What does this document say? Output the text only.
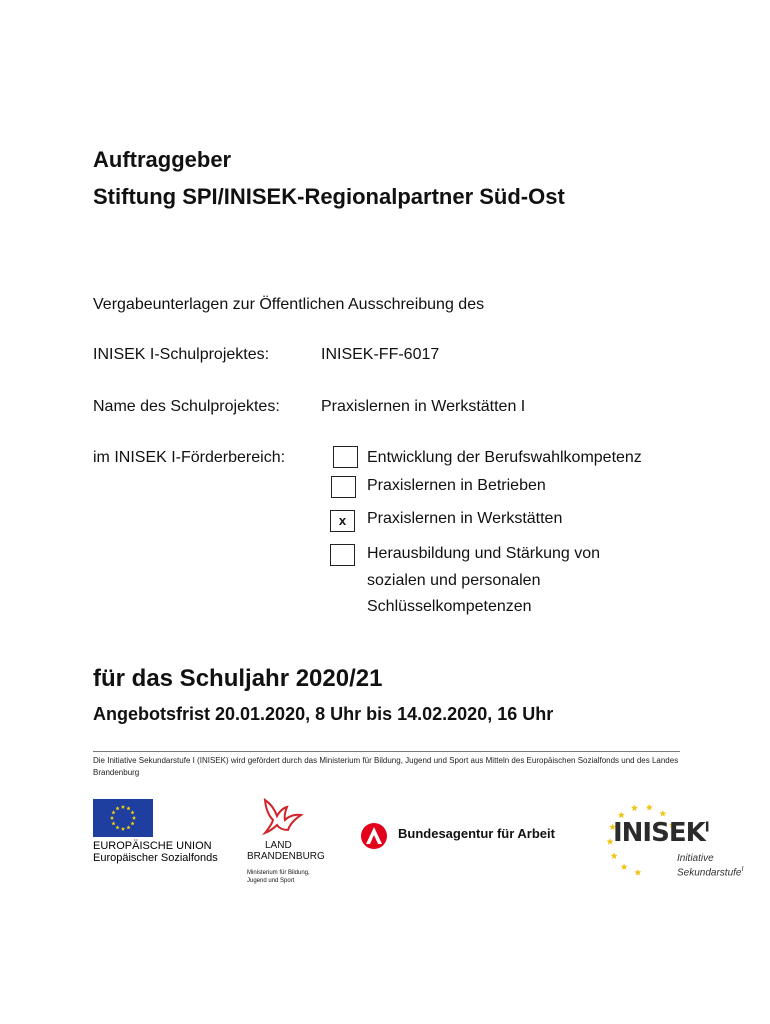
Auftraggeber
Stiftung SPI/INISEK-Regionalpartner Süd-Ost
Vergabeunterlagen zur Öffentlichen Ausschreibung des
INISEK I-Schulprojektes:	INISEK-FF-6017
Name des Schulprojektes:	Praxislernen in Werkstätten I
im INISEK I-Förderbereich:	Entwicklung der Berufswahlkompetenz
Praxislernen in Betrieben
x	Praxislernen in Werkstätten
Herausbildung und Stärkung von
sozialen und personalen
Schlüsselkompetenzen
für das Schuljahr 2020/21
Angebotsfrist 20.01.2020, 8 Uhr bis 14.02.2020, 16 Uhr
Die Initiative Sekundarstufe I (INISEK) wird gefördert durch das Ministerium für Bildung, Jugend und Sport aus Mitteln des Europäischen Sozialfonds und des Landes Brandenburg
EUROPÄISCHE UNION
Europäischer Sozialfonds
LAND
BRANDENBURG
Ministerium für Bildung,
Jugend und Sport
Bundesagentur für Arbeit $INISEK^I$
Initiative
Sekundarstufe$^I$
